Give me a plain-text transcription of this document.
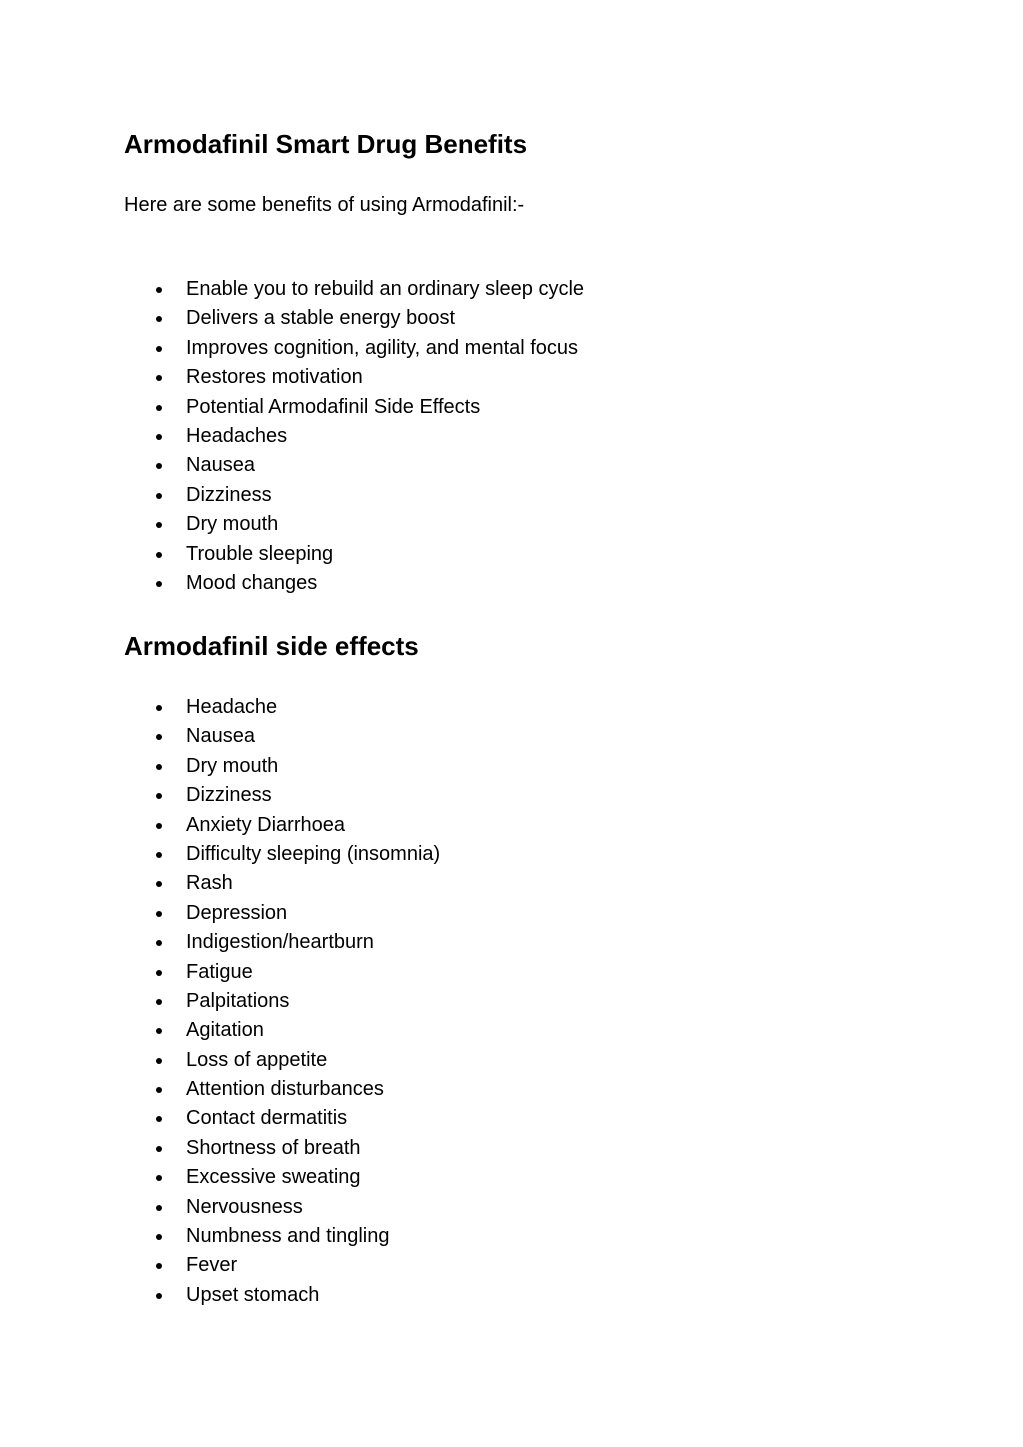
Armodafinil Smart Drug Benefits

Here are some benefits of using Armodafinil:-

Enable you to rebuild an ordinary sleep cycle
Delivers a stable energy boost
Improves cognition, agility, and mental focus
Restores motivation
Potential Armodafinil Side Effects
Headaches
Nausea
Dizziness
Dry mouth
Trouble sleeping
Mood changes
Armodafinil side effects
Headache
Nausea
Dry mouth
Dizziness
Anxiety Diarrhoea
Difficulty sleeping (insomnia)
Rash
Depression
Indigestion/heartburn
Fatigue
Palpitations
Agitation
Loss of appetite
Attention disturbances
Contact dermatitis
Shortness of breath
Excessive sweating
Nervousness
Numbness and tingling
Fever
Upset stomach
